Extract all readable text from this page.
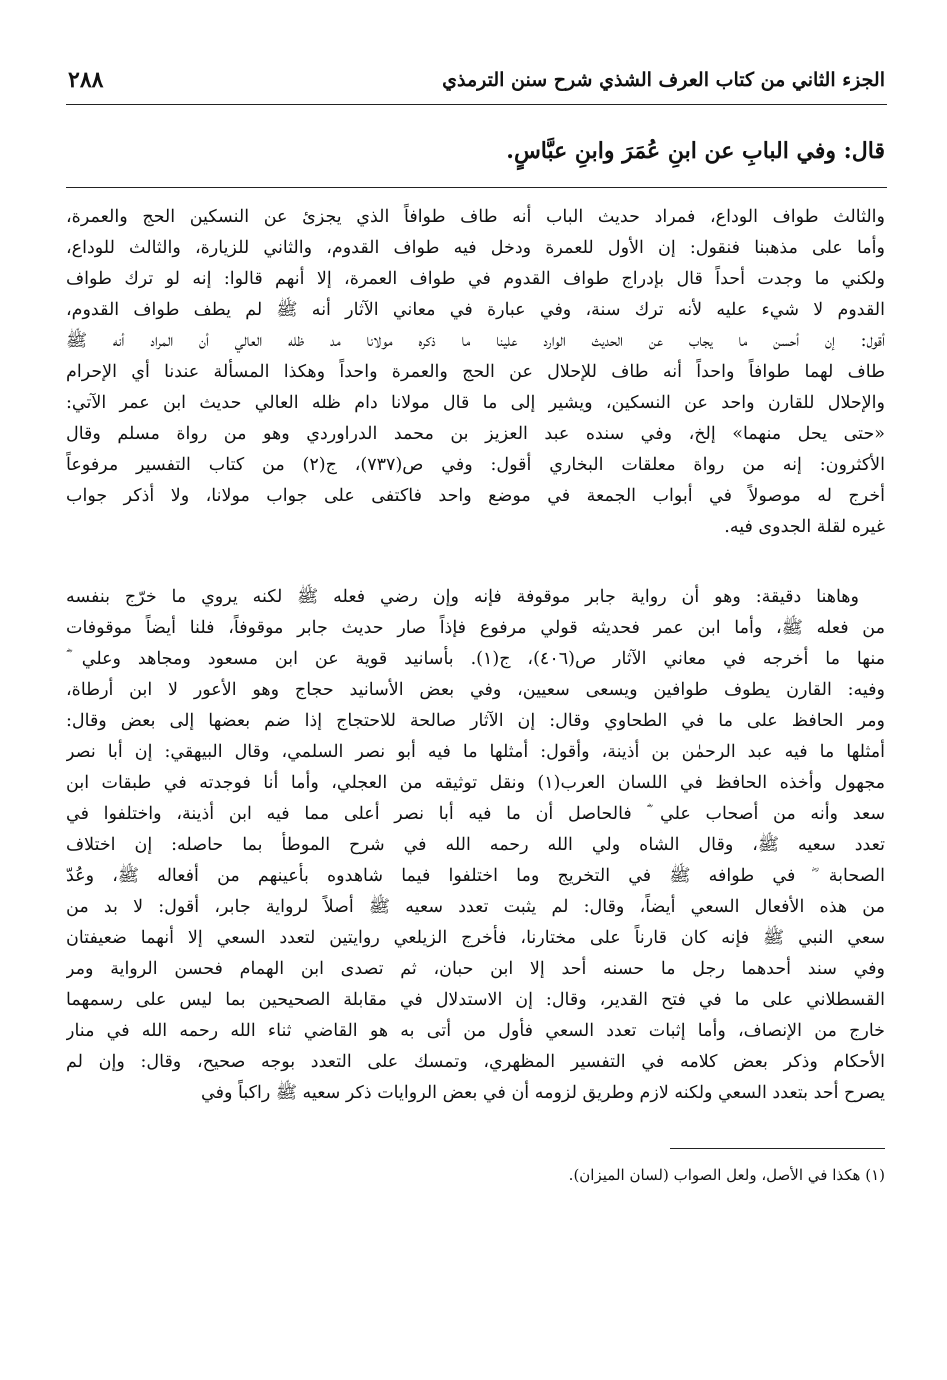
الجزء الثاني من كتاب العرف الشذي شرح سنن الترمذي
٢٨٨
قال: وفي البابِ عن ابنِ عُمَرَ وابنِ عبَّاسٍ.
والثالث طواف الوداع، فمراد حديث الباب أنه طاف طوافاً الذي يجزئ عن النسكين الحج والعمرة،
وأما على مذهبنا فنقول: إن الأول للعمرة ودخل فيه طواف القدوم، والثاني للزيارة، والثالث للوداع،
ولكني ما وجدت أحداً قال بإدراج طواف القدوم في طواف العمرة، إلا أنهم قالوا: إنه لو ترك طواف
القدوم لا شيء عليه لأنه ترك سنة، وفي عبارة في معاني الآثار أنه ﷺ لم يطف طواف القدوم،
أقول: إن أحسن ما يجاب عن الحديث الوارد علينا ما ذكره مولانا مد ظله العالي أن المراد أنه ﷺ
طاف لهما طوافاً واحداً أنه طاف للإحلال عن الحج والعمرة واحداً وهكذا المسألة عندنا أي الإحرام
والإحلال للقارن واحد عن النسكين، ويشير إلى ما قال مولانا دام ظله العالي حديث ابن عمر الآتي:
«حتى يحل منهما» إلخ، وفي سنده عبد العزيز بن محمد الدراوردي وهو من رواة مسلم وقال
الأكثرون: إنه من رواة معلقات البخاري أقول: وفي ص(٧٣٧)، ج(٢) من كتاب التفسير مرفوعاً
أخرج له موصولاً في أبواب الجمعة في موضع واحد فاكتفى على جواب مولانا، ولا أذكر جواب
غيره لقلة الجدوى فيه.
وهاهنا دقيقة: وهو أن رواية جابر موقوفة فإنه وإن رضي فعله ﷺ لكنه يروي ما خرّج بنفسه
من فعله ﷺ، وأما ابن عمر فحديثه قولي مرفوع فإذاً صار حديث جابر موقوفاً، فلنا أيضاً موقوفات
منها ما أخرجه في معاني الآثار ص(٤٠٦)، ج(١). بأسانيد قوية عن ابن مسعود ومجاهد وعلي ؓ
وفيه: القارن يطوف طوافين ويسعى سعيين، وفي بعض الأسانيد حجاج وهو الأعور لا ابن أرطاة،
ومر الحافظ على ما في الطحاوي وقال: إن الآثار صالحة للاحتجاج إذا ضم بعضها إلى بعض وقال:
أمثلها ما فيه عبد الرحمٰن بن أذينة، وأقول: أمثلها ما فيه أبو نصر السلمي، وقال البيهقي: إن أبا نصر
مجهول وأخذه الحافظ في اللسان العرب(١) ونقل توثيقه من العجلي، وأما أنا فوجدته في طبقات ابن
سعد وأنه من أصحاب علي ؓ فالحاصل أن ما فيه أبا نصر أعلى مما فيه ابن أذينة، واختلفوا في
تعدد سعيه ﷺ، وقال الشاه ولي الله رحمه الله في شرح الموطأ بما حاصله: إن اختلاف
الصحابة ؓ في طوافه ﷺ في التخريج وما اختلفوا فيما شاهدوه بأعينهم من أفعاله ﷺ، وعُدّ
من هذه الأفعال السعي أيضاً، وقال: لم يثبت تعدد سعيه ﷺ أصلاً لرواية جابر، أقول: لا بد من
سعي النبي ﷺ فإنه كان قارناً على مختارنا، فأخرج الزيلعي روايتين لتعدد السعي إلا أنهما ضعيفتان
وفي سند أحدهما رجل ما حسنه أحد إلا ابن حبان، ثم تصدى ابن الهمام فحسن الرواية ومر
القسطلاني على ما في فتح القدير، وقال: إن الاستدلال في مقابلة الصحيحين بما ليس على رسمهما
خارج من الإنصاف، وأما إثبات تعدد السعي فأول من أتى به هو القاضي ثناء الله رحمه الله في منار
الأحكام وذكر بعض كلامه في التفسير المظهري، وتمسك على التعدد بوجه صحيح، وقال: وإن لم
يصرح أحد بتعدد السعي ولكنه لازم وطريق لزومه أن في بعض الروايات ذكر سعيه ﷺ راكباً وفي
(١) هكذا في الأصل، ولعل الصواب (لسان الميزان).
